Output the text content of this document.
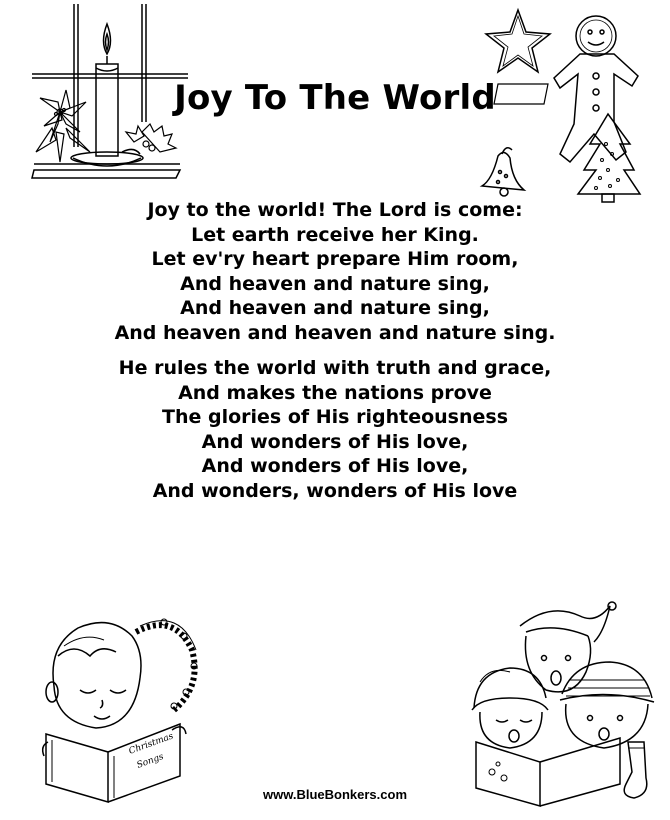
Joy To The World
Joy to the world! The Lord is come:
Let earth receive her King.
Let ev'ry heart prepare Him room,
And heaven and nature sing,
And heaven and nature sing,
And heaven and heaven and nature sing.
He rules the world with truth and grace,
And makes the nations prove
The glories of His righteousness
And wonders of His love,
And wonders of His love,
And wonders, wonders of His love
Christmas
Songs
www.BlueBonkers.com
